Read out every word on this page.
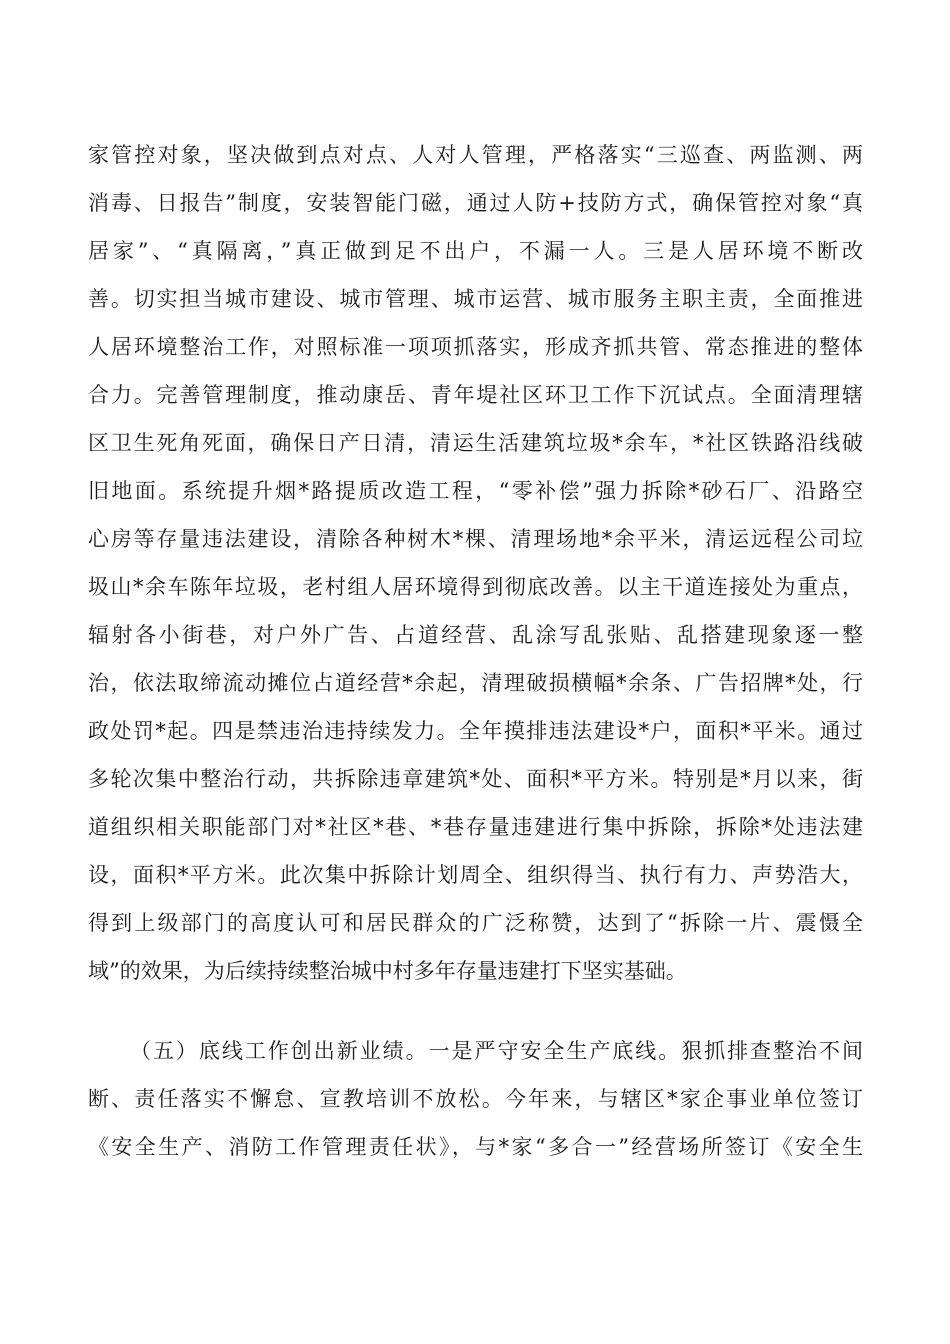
家管控对象，坚决做到点对点、人对人管理，严格落实“三巡查、两监测、两
消毒、日报告”制度，安装智能门磁，通过人防+技防方式，确保管控对象“真
居家”、“真隔离，”真正做到足不出户，不漏一人。三是人居环境不断改
善。切实担当城市建设、城市管理、城市运营、城市服务主职主责，全面推进
人居环境整治工作，对照标准一项项抓落实，形成齐抓共管、常态推进的整体
合力。完善管理制度，推动康岳、青年堤社区环卫工作下沉试点。全面清理辖
区卫生死角死面，确保日产日清，清运生活建筑垃圾*余车，*社区铁路沿线破
旧地面。系统提升烟*路提质改造工程，“零补偿”强力拆除*砂石厂、沿路空
心房等存量违法建设，清除各种树木*棵、清理场地*余平米，清运远程公司垃
圾山*余车陈年垃圾，老村组人居环境得到彻底改善。以主干道连接处为重点，
辐射各小街巷，对户外广告、占道经营、乱涂写乱张贴、乱搭建现象逐一整
治，依法取缔流动摊位占道经营*余起，清理破损横幅*余条、广告招牌*处，行
政处罚*起。四是禁违治违持续发力。全年摸排违法建设*户，面积*平米。通过
多轮次集中整治行动，共拆除违章建筑*处、面积*平方米。特别是*月以来，街
道组织相关职能部门对*社区*巷、*巷存量违建进行集中拆除，拆除*处违法建
设，面积*平方米。此次集中拆除计划周全、组织得当、执行有力、声势浩大，
得到上级部门的高度认可和居民群众的广泛称赞，达到了“拆除一片、震慑全
域”的效果，为后续持续整治城中村多年存量违建打下坚实基础。
（五）底线工作创出新业绩。一是严守安全生产底线。狠抓排查整治不间
断、责任落实不懈怠、宣教培训不放松。今年来，与辖区*家企事业单位签订
《安全生产、消防工作管理责任状》，与*家“多合一”经营场所签订《安全生
